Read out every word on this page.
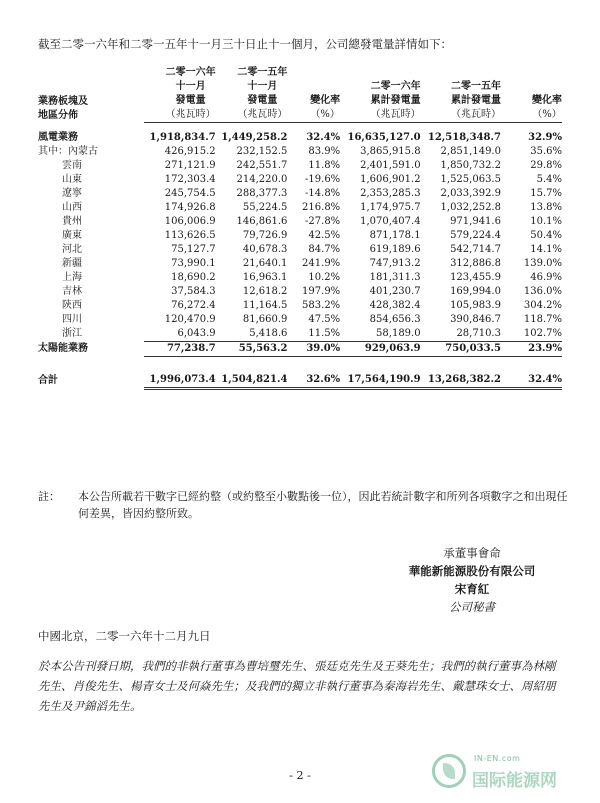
截至二零一六年和二零一五年十一月三十日止十一個月，公司總發電量詳情如下：
業務板塊及
地區分佈	二零一六年
十一月
發電量
（兆瓦時）	二零一五年
十一月
發電量
（兆瓦時）	變化率
（%）	二零一六年
累計發電量
（兆瓦時）	二零一五年
累計發電量
（兆瓦時）	變化率
（%）

風電業務	1,918,834.7	1,449,258.2	32.4%	16,635,127.0	12,518,348.7	32.9%
其中：內蒙古	426,915.2	232,152.5	83.9%	3,865,915.8	2,851,149.0	35.6%
雲南	271,121.9	242,551.7	11.8%	2,401,591.0	1,850,732.2	29.8%
山東	172,303.4	214,220.0	-19.6%	1,606,901.2	1,525,063.5	5.4%
遼寧	245,754.5	288,377.3	-14.8%	2,353,285.3	2,033,392.9	15.7%
山西	174,926.8	55,224.5	216.8%	1,174,975.7	1,032,252.8	13.8%
貴州	106,006.9	146,861.6	-27.8%	1,070,407.4	971,941.6	10.1%
廣東	113,626.5	79,726.9	42.5%	871,178.1	579,224.4	50.4%
河北	75,127.7	40,678.3	84.7%	619,189.6	542,714.7	14.1%
新疆	73,990.1	21,640.1	241.9%	747,913.2	312,886.8	139.0%
上海	18,690.2	16,963.1	10.2%	181,311.3	123,455.9	46.9%
吉林	37,584.3	12,618.2	197.9%	401,230.7	169,994.0	136.0%
陝西	76,272.4	11,164.5	583.2%	428,382.4	105,983.9	304.2%
四川	120,470.9	81,660.9	47.5%	854,656.3	390,846.7	118.7%
浙江	6,043.9	5,418.6	11.5%	58,189.0	28,710.3	102.7%
太陽能業務	77,238.7	55,563.2	39.0%	929,063.9	750,033.5	23.9%

合計	1,996,073.4	1,504,821.4	32.6%	17,564,190.9	13,268,382.2	32.4%
註： 本公告所載若干數字已經約整（或約整至小數點後一位），因此若統計數字和所列各項數字之和出現任何差異，皆因約整所致。
承董事會命
華能新能源股份有限公司
宋育紅
公司秘書
中國北京，二零一六年十二月九日
於本公告刊發日期，我們的非執行董事為曹培璽先生、張廷克先生及王葵先生；我們的執行董事為林剛先生、肖俊先生、楊青女士及何焱先生；及我們的獨立非執行董事為秦海岩先生、戴慧珠女士、周紹朋先生及尹錦滔先生。
- 2 -
IN-EN.com
国际能源网
